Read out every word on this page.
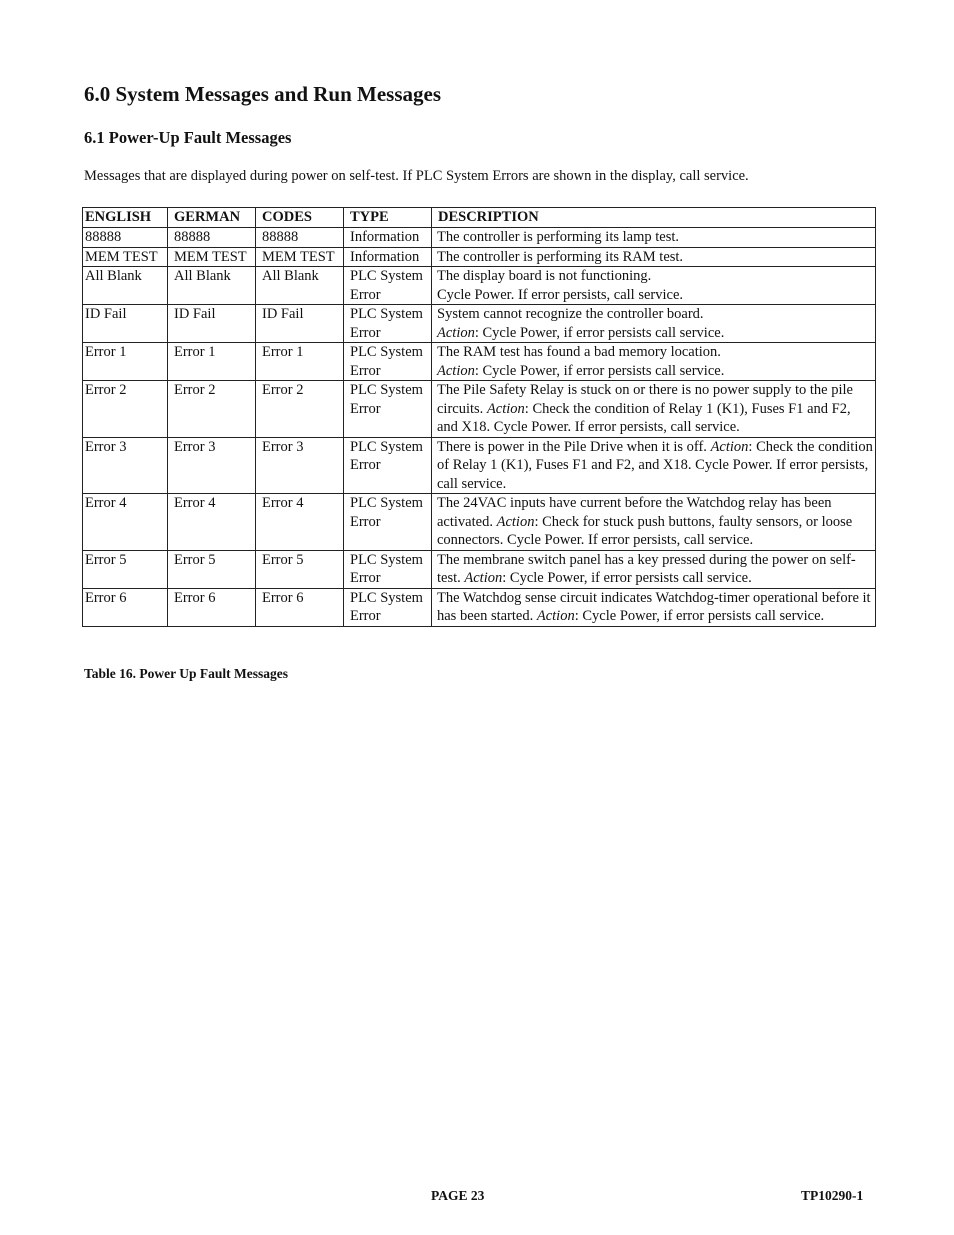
6.0 System Messages and Run Messages
6.1 Power-Up Fault Messages

Messages that are displayed during power on self-test. If PLC System Errors are shown in the display, call service.

ENGLISH	GERMAN	CODES	TYPE	DESCRIPTION
88888	88888	88888	Information	The controller is performing its lamp test.
MEM TEST	MEM TEST	MEM TEST	Information	The controller is performing its RAM test.
All Blank	All Blank	All Blank	PLC System Error	The display board is not functioning.
Cycle Power. If error persists, call service.
ID Fail	ID Fail	ID Fail	PLC System Error	System cannot recognize the controller board.
Action: Cycle Power, if error persists call service.
Error 1	Error 1	Error 1	PLC System Error	The RAM test has found a bad memory location.
Action: Cycle Power, if error persists call service.
Error 2	Error 2	Error 2	PLC System Error	The Pile Safety Relay is stuck on or there is no power supply to the pile circuits. Action: Check the condition of Relay 1 (K1), Fuses F1 and F2, and X18. Cycle Power. If error persists, call service.
Error 3	Error 3	Error 3	PLC System Error	There is power in the Pile Drive when it is off. Action: Check the condition of Relay 1 (K1), Fuses F1 and F2, and X18. Cycle Power. If error persists, call service.
Error 4	Error 4	Error 4	PLC System Error	The 24VAC inputs have current before the Watchdog relay has been activated. Action: Check for stuck push buttons, faulty sensors, or loose connectors. Cycle Power. If error persists, call service.
Error 5	Error 5	Error 5	PLC System Error	The membrane switch panel has a key pressed during the power on self-test. Action: Cycle Power, if error persists call service.
Error 6	Error 6	Error 6	PLC System Error	The Watchdog sense circuit indicates Watchdog-timer operational before it has been started. Action: Cycle Power, if error persists call service.

Table 16. Power Up Fault Messages

PAGE 23	TP10290-1
